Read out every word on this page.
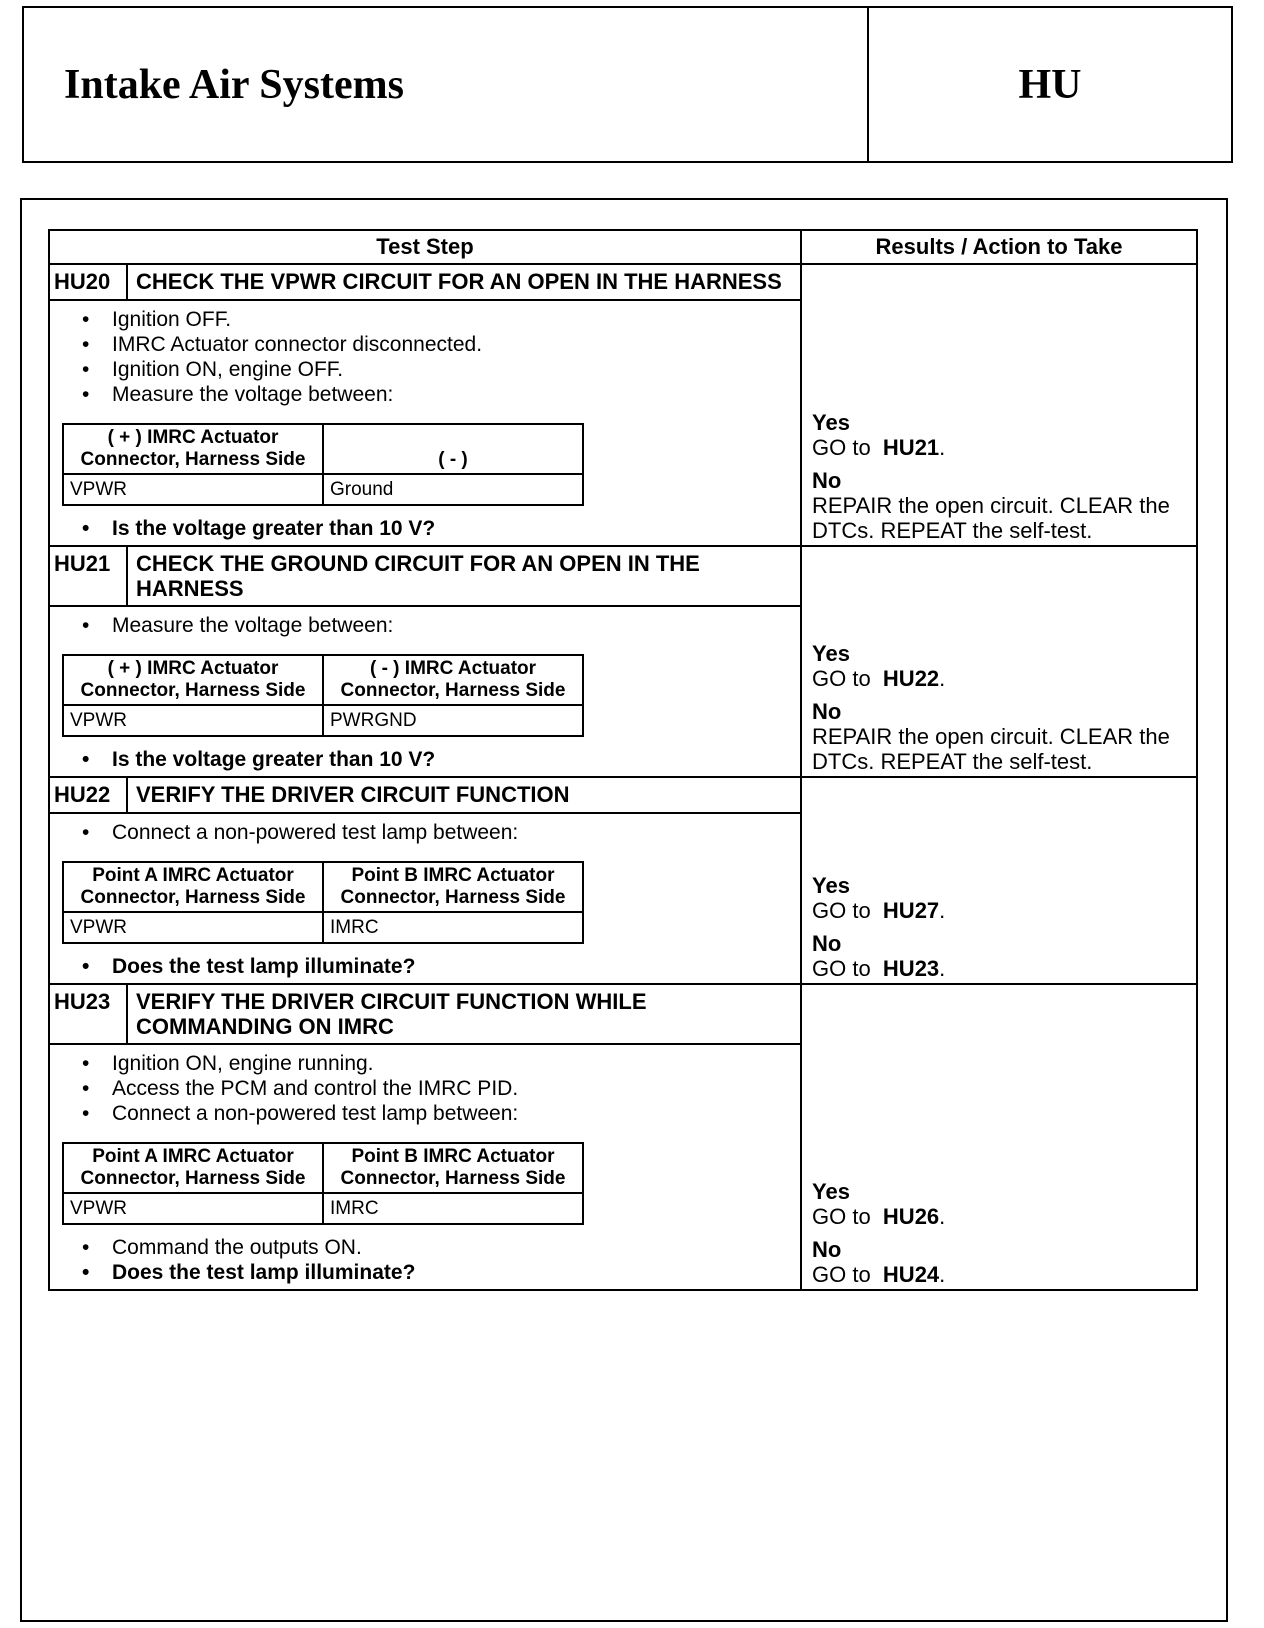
Intake Air Systems	HU
Test Step	Results / Action to Take
HU20	CHECK THE VPWR CIRCUIT FOR AN OPEN IN THE HARNESS	
Yes
GO to HU21.
No
REPAIR the open circuit. CLEAR the DTCs. REPEAT the self-test.

• Ignition OFF.
• IMRC Actuator connector disconnected.
• Ignition ON, engine OFF.
• Measure the voltage between:
( + ) IMRC Actuator Connector, Harness Side	( - )
VPWR	Ground
• Is the voltage greater than 10 V?

HU21	CHECK THE GROUND CIRCUIT FOR AN OPEN IN THE HARNESS	
Yes
GO to HU22.
No
REPAIR the open circuit. CLEAR the DTCs. REPEAT the self-test.

• Measure the voltage between:
( + ) IMRC Actuator Connector, Harness Side	( - ) IMRC Actuator Connector, Harness Side
VPWR	PWRGND
• Is the voltage greater than 10 V?

HU22	VERIFY THE DRIVER CIRCUIT FUNCTION	
Yes
GO to HU27.
No
GO to HU23.

• Connect a non-powered test lamp between:
Point A IMRC Actuator Connector, Harness Side	Point B IMRC Actuator Connector, Harness Side
VPWR	IMRC
• Does the test lamp illuminate?

HU23	VERIFY THE DRIVER CIRCUIT FUNCTION WHILE COMMANDING ON IMRC	
Yes
GO to HU26.
No
GO to HU24.

• Ignition ON, engine running.
• Access the PCM and control the IMRC PID.
• Connect a non-powered test lamp between:
Point A IMRC Actuator Connector, Harness Side	Point B IMRC Actuator Connector, Harness Side
VPWR	IMRC
• Command the outputs ON.
• Does the test lamp illuminate?
